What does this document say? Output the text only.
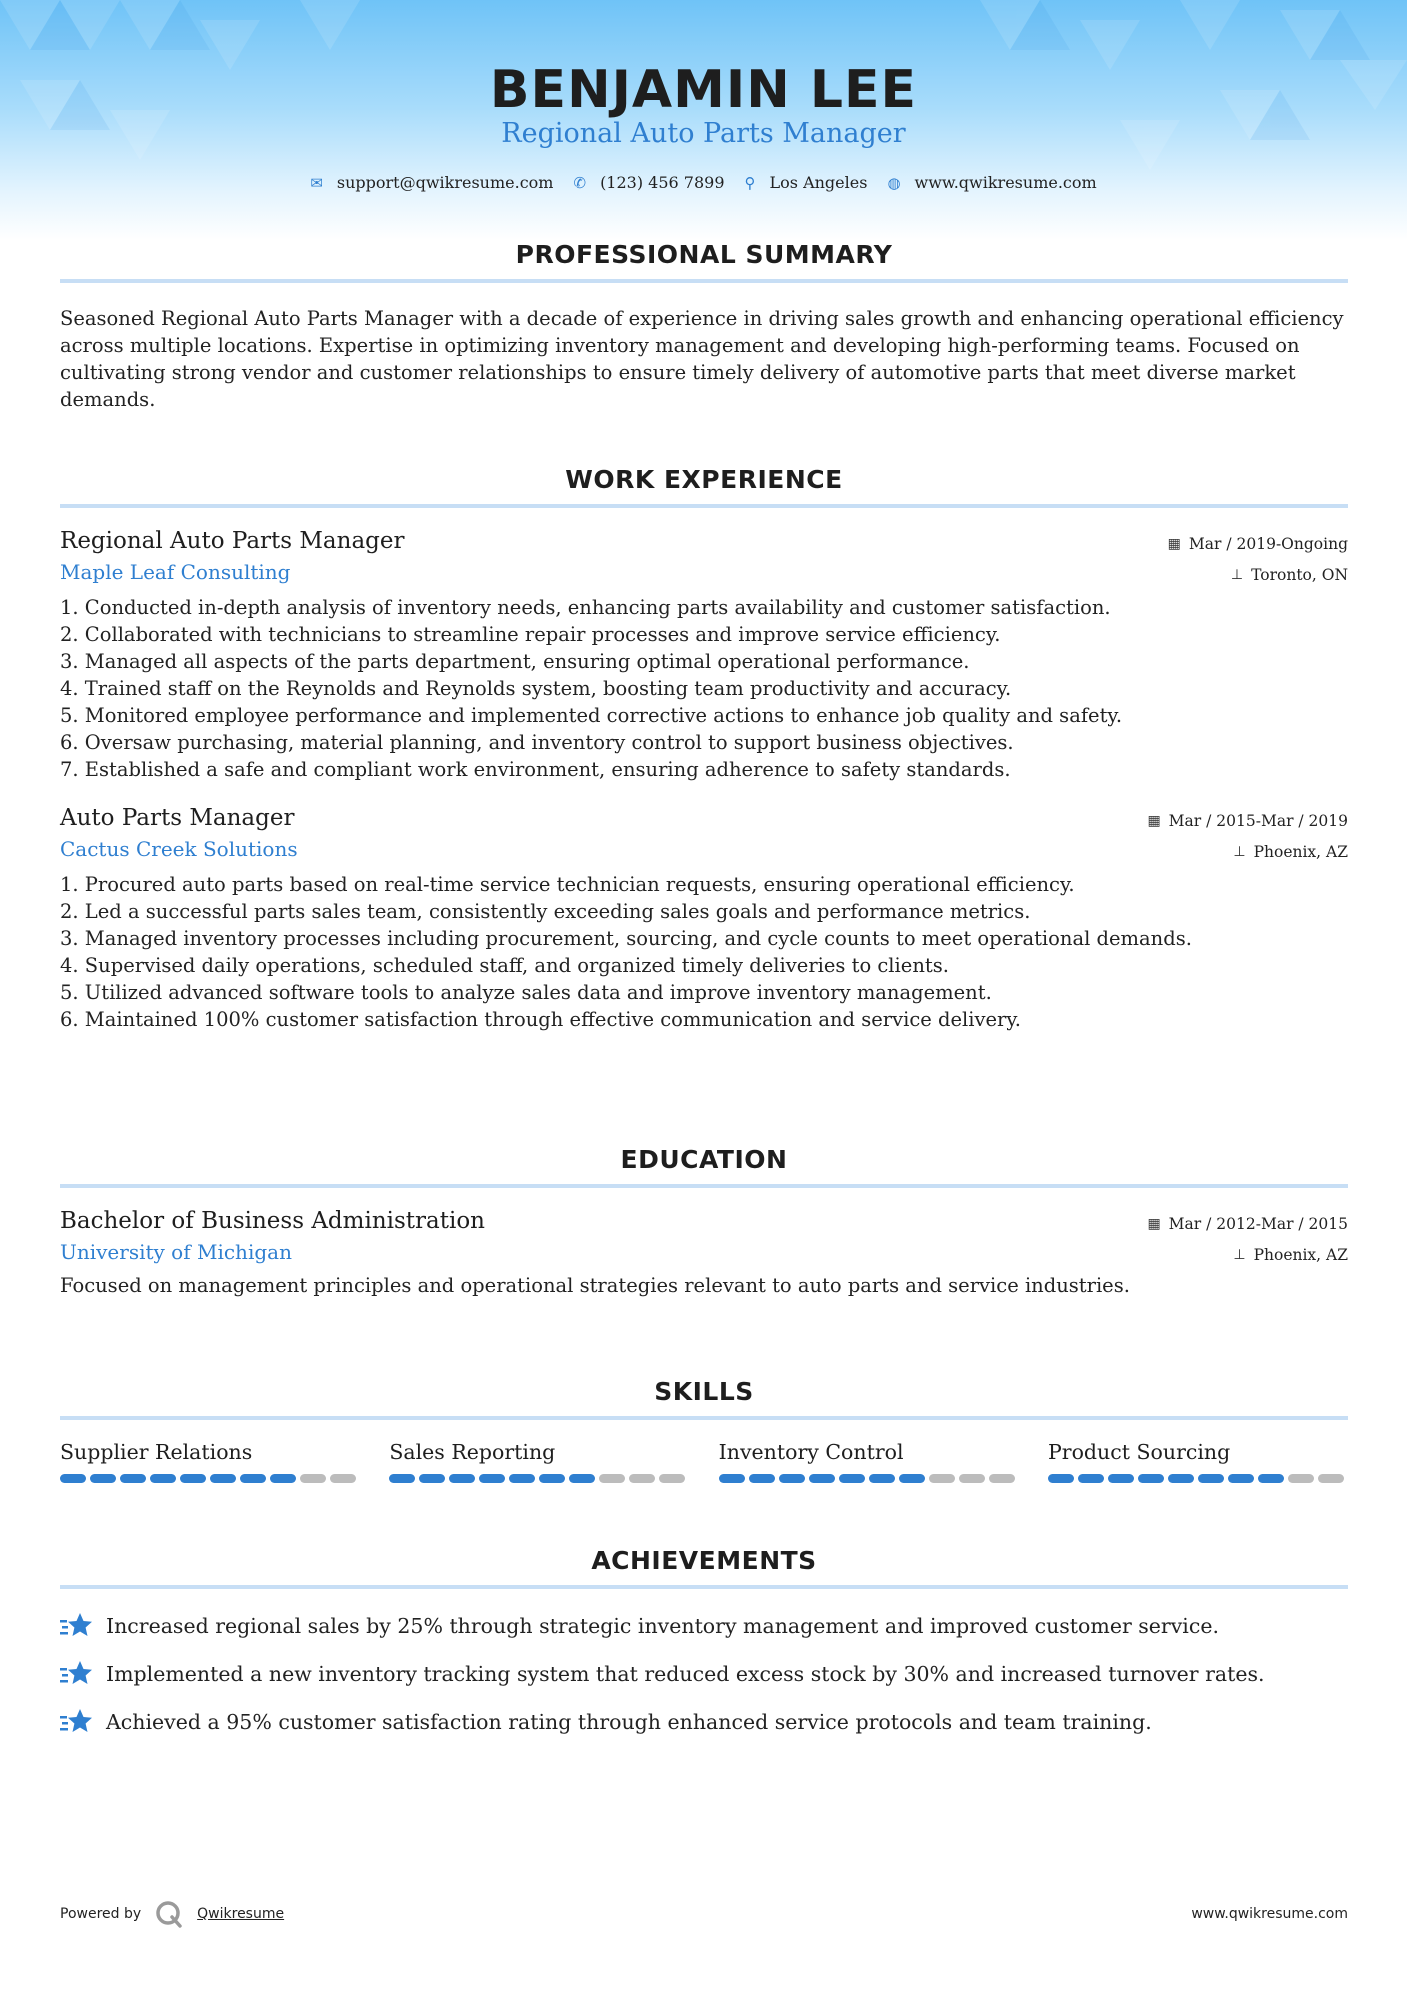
BENJAMIN LEE
Regional Auto Parts Manager
✉ support@qwikresume.com ✆ (123) 456 7899 ⚲ Los Angeles ◍ www.qwikresume.com
PROFESSIONAL SUMMARY
Seasoned Regional Auto Parts Manager with a decade of experience in driving sales growth and enhancing operational efficiency across multiple locations. Expertise in optimizing inventory management and developing high-performing teams. Focused on cultivating strong vendor and customer relationships to ensure timely delivery of automotive parts that meet diverse market demands.
WORK EXPERIENCE
Regional Auto Parts Manager	▦ Mar / 2019-Ongoing
Maple Leaf Consulting	⊥ Toronto, ON
1. Conducted in-depth analysis of inventory needs, enhancing parts availability and customer satisfaction.
2. Collaborated with technicians to streamline repair processes and improve service efficiency.
3. Managed all aspects of the parts department, ensuring optimal operational performance.
4. Trained staff on the Reynolds and Reynolds system, boosting team productivity and accuracy.
5. Monitored employee performance and implemented corrective actions to enhance job quality and safety.
6. Oversaw purchasing, material planning, and inventory control to support business objectives.
7. Established a safe and compliant work environment, ensuring adherence to safety standards.
Auto Parts Manager	▦ Mar / 2015-Mar / 2019
Cactus Creek Solutions	⊥ Phoenix, AZ
1. Procured auto parts based on real-time service technician requests, ensuring operational efficiency.
2. Led a successful parts sales team, consistently exceeding sales goals and performance metrics.
3. Managed inventory processes including procurement, sourcing, and cycle counts to meet operational demands.
4. Supervised daily operations, scheduled staff, and organized timely deliveries to clients.
5. Utilized advanced software tools to analyze sales data and improve inventory management.
6. Maintained 100% customer satisfaction through effective communication and service delivery.
EDUCATION
Bachelor of Business Administration	▦ Mar / 2012-Mar / 2015
University of Michigan	⊥ Phoenix, AZ
Focused on management principles and operational strategies relevant to auto parts and service industries.
SKILLS
Supplier Relations	Sales Reporting	Inventory Control	Product Sourcing
ACHIEVEMENTS
Increased regional sales by 25% through strategic inventory management and improved customer service.
Implemented a new inventory tracking system that reduced excess stock by 30% and increased turnover rates.
Achieved a 95% customer satisfaction rating through enhanced service protocols and team training.
Powered by	Qwikresume	www.qwikresume.com
